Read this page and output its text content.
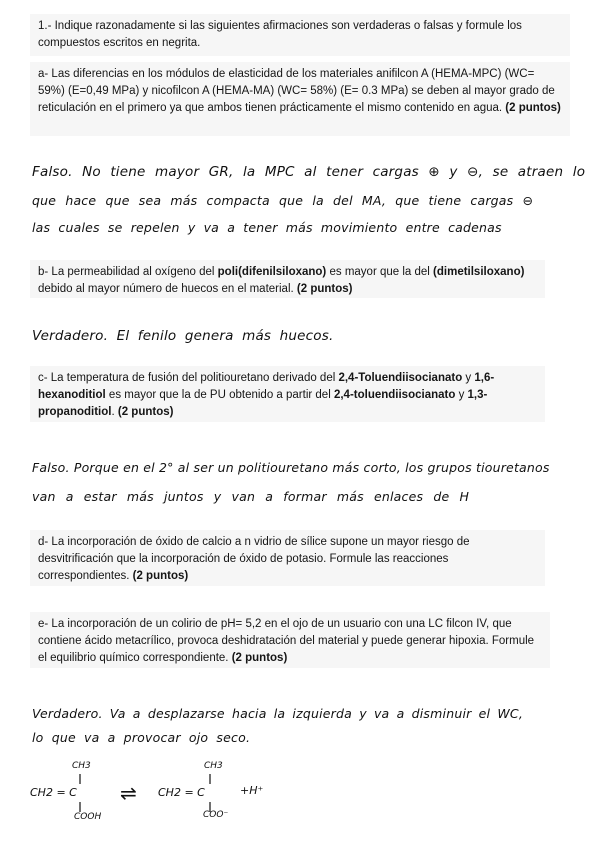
1.- Indique razonadamente si las siguientes afirmaciones son verdaderas o falsas y formule los compuestos escritos en negrita.
a- Las diferencias en los módulos de elasticidad de los materiales anifilcon A (HEMA-MPC) (WC= 59%) (E=0,49 MPa) y nicofilcon A (HEMA-MA) (WC= 58%) (E= 0.3 MPa) se deben al mayor grado de reticulación en el primero ya que ambos tienen prácticamente el mismo contenido en agua. (2 puntos)

Falso. No tiene mayor GR, la MPC al tener cargas ⊕ y ⊖, se atraen lo

que hace que sea más compacta que la del MA, que tiene cargas ⊖

las cuales se repelen y va a tener más movimiento entre cadenas

b- La permeabilidad al oxígeno del poli(difenilsiloxano) es mayor que la del (dimetilsiloxano) debido al mayor número de huecos en el material. (2 puntos)

Verdadero. El fenilo genera más huecos.

c- La temperatura de fusión del politiouretano derivado del 2,4-Toluendiisocianato y 1,6-hexanoditiol es mayor que la de PU obtenido a partir del 2,4-toluendiisocianato y 1,3-propanoditiol. (2 puntos)

Falso. Porque en el 2° al ser un politiouretano más corto, los grupos tiouretanos

van a estar más juntos y van a formar más enlaces de H

d- La incorporación de óxido de calcio a n vidrio de sílice supone un mayor riesgo de desvitrificación que la incorporación de óxido de potasio. Formule las reacciones correspondientes. (2 puntos)
e- La incorporación de un colirio de pH= 5,2 en el ojo de un usuario con una LC filcon IV, que contiene ácido metacrílico, provoca deshidratación del material y puede generar hipoxia. Formule el equilibrio químico correspondiente. (2 puntos)

Verdadero. Va a desplazarse hacia la izquierda y va a disminuir el WC,

lo que va a provocar ojo seco.

CH3

CH2 = C

COOH

⇌

CH3

CH2 = C

COO⁻

+H⁺
